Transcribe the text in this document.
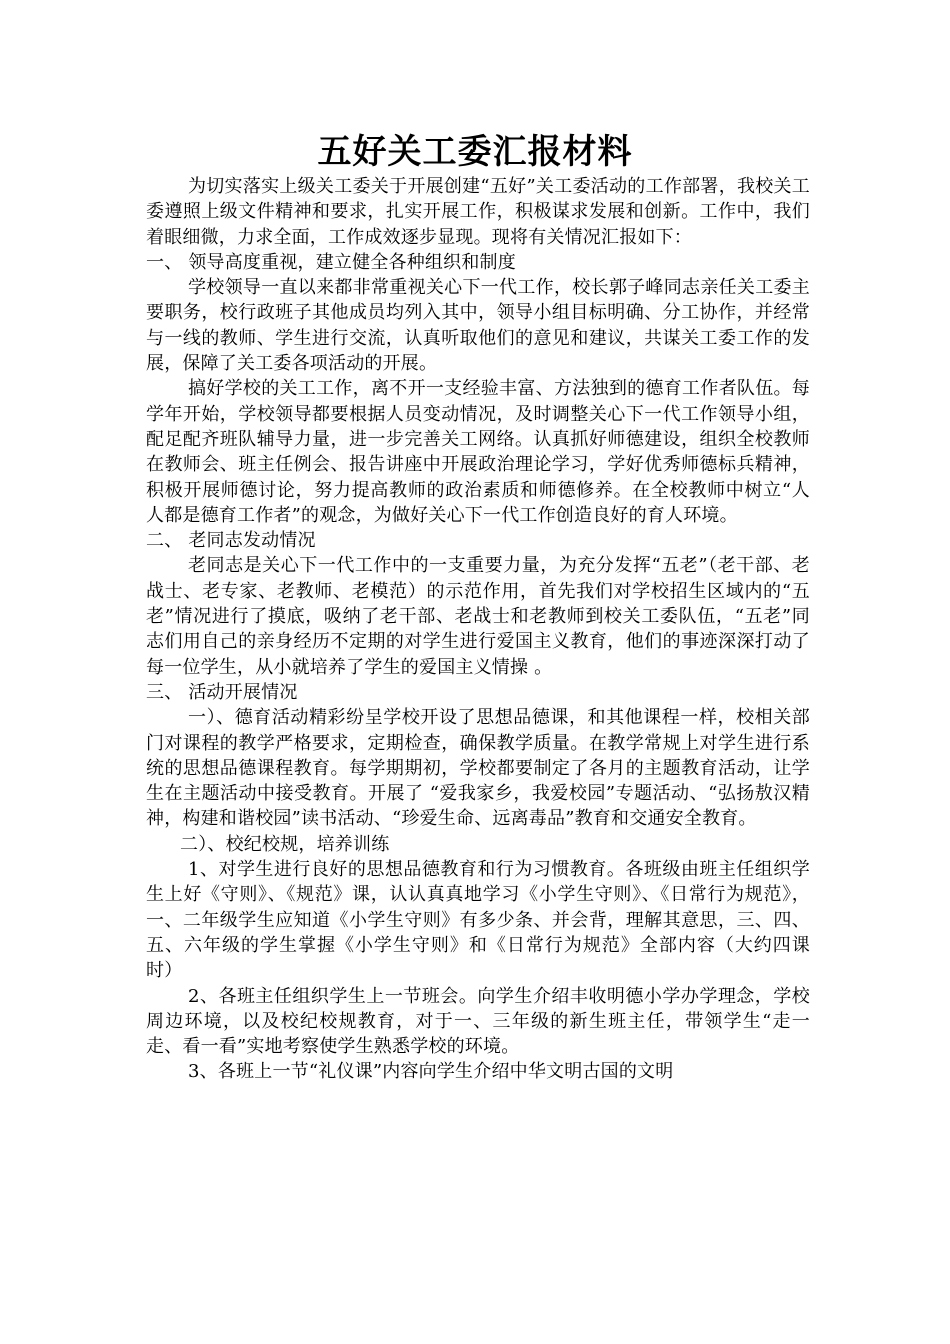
五好关工委汇报材料

为切实落实上级关工委关于开展创建“五好”关工委活动的工作部署，我校关工委遵照上级文件精神和要求，扎实开展工作，积极谋求发展和创新。工作中，我们着眼细微，力求全面，工作成效逐步显现。现将有关情况汇报如下：

一、 领导高度重视，建立健全各种组织和制度

学校领导一直以来都非常重视关心下一代工作，校长郭子峰同志亲任关工委主要职务，校行政班子其他成员均列入其中，领导小组目标明确、分工协作，并经常与一线的教师、学生进行交流，认真听取他们的意见和建议，共谋关工委工作的发展，保障了关工委各项活动的开展。

搞好学校的关工工作，离不开一支经验丰富、方法独到的德育工作者队伍。每学年开始，学校领导都要根据人员变动情况，及时调整关心下一代工作领导小组，配足配齐班队辅导力量，进一步完善关工网络。认真抓好师德建设，组织全校教师在教师会、班主任例会、报告讲座中开展政治理论学习，学好优秀师德标兵精神，积极开展师德讨论，努力提高教师的政治素质和师德修养。在全校教师中树立“人人都是德育工作者”的观念，为做好关心下一代工作创造良好的育人环境。

二、 老同志发动情况

老同志是关心下一代工作中的一支重要力量，为充分发挥“五老”（老干部、老战士、老专家、老教师、老模范）的示范作用，首先我们对学校招生区域内的“五老”情况进行了摸底，吸纳了老干部、老战士和老教师到校关工委队伍，“五老”同志们用自己的亲身经历不定期的对学生进行爱国主义教育，他们的事迹深深打动了每一位学生，从小就培养了学生的爱国主义情操 。

三、 活动开展情况

一）、德育活动精彩纷呈学校开设了思想品德课，和其他课程一样，校相关部门对课程的教学严格要求，定期检查，确保教学质量。在教学常规上对学生进行系统的思想品德课程教育。每学期期初，学校都要制定了各月的主题教育活动，让学生在主题活动中接受教育。开展了 “爱我家乡，我爱校园”专题活动、“弘扬敖汉精神，构建和谐校园”读书活动、“珍爱生命、远离毒品”教育和交通安全教育。

二）、校纪校规，培养训练

1、对学生进行良好的思想品德教育和行为习惯教育。各班级由班主任组织学生上好《守则》、《规范》课，认认真真地学习《小学生守则》、《日常行为规范》，一、二年级学生应知道《小学生守则》有多少条、并会背，理解其意思，三、四、五、六年级的学生掌握《小学生守则》和《日常行为规范》全部内容（大约四课时）

2、各班主任组织学生上一节班会。向学生介绍丰收明德小学办学理念，学校周边环境，以及校纪校规教育，对于一、三年级的新生班主任，带领学生“走一走、看一看”实地考察使学生熟悉学校的环境。

3、各班上一节“礼仪课”内容向学生介绍中华文明古国的文明
